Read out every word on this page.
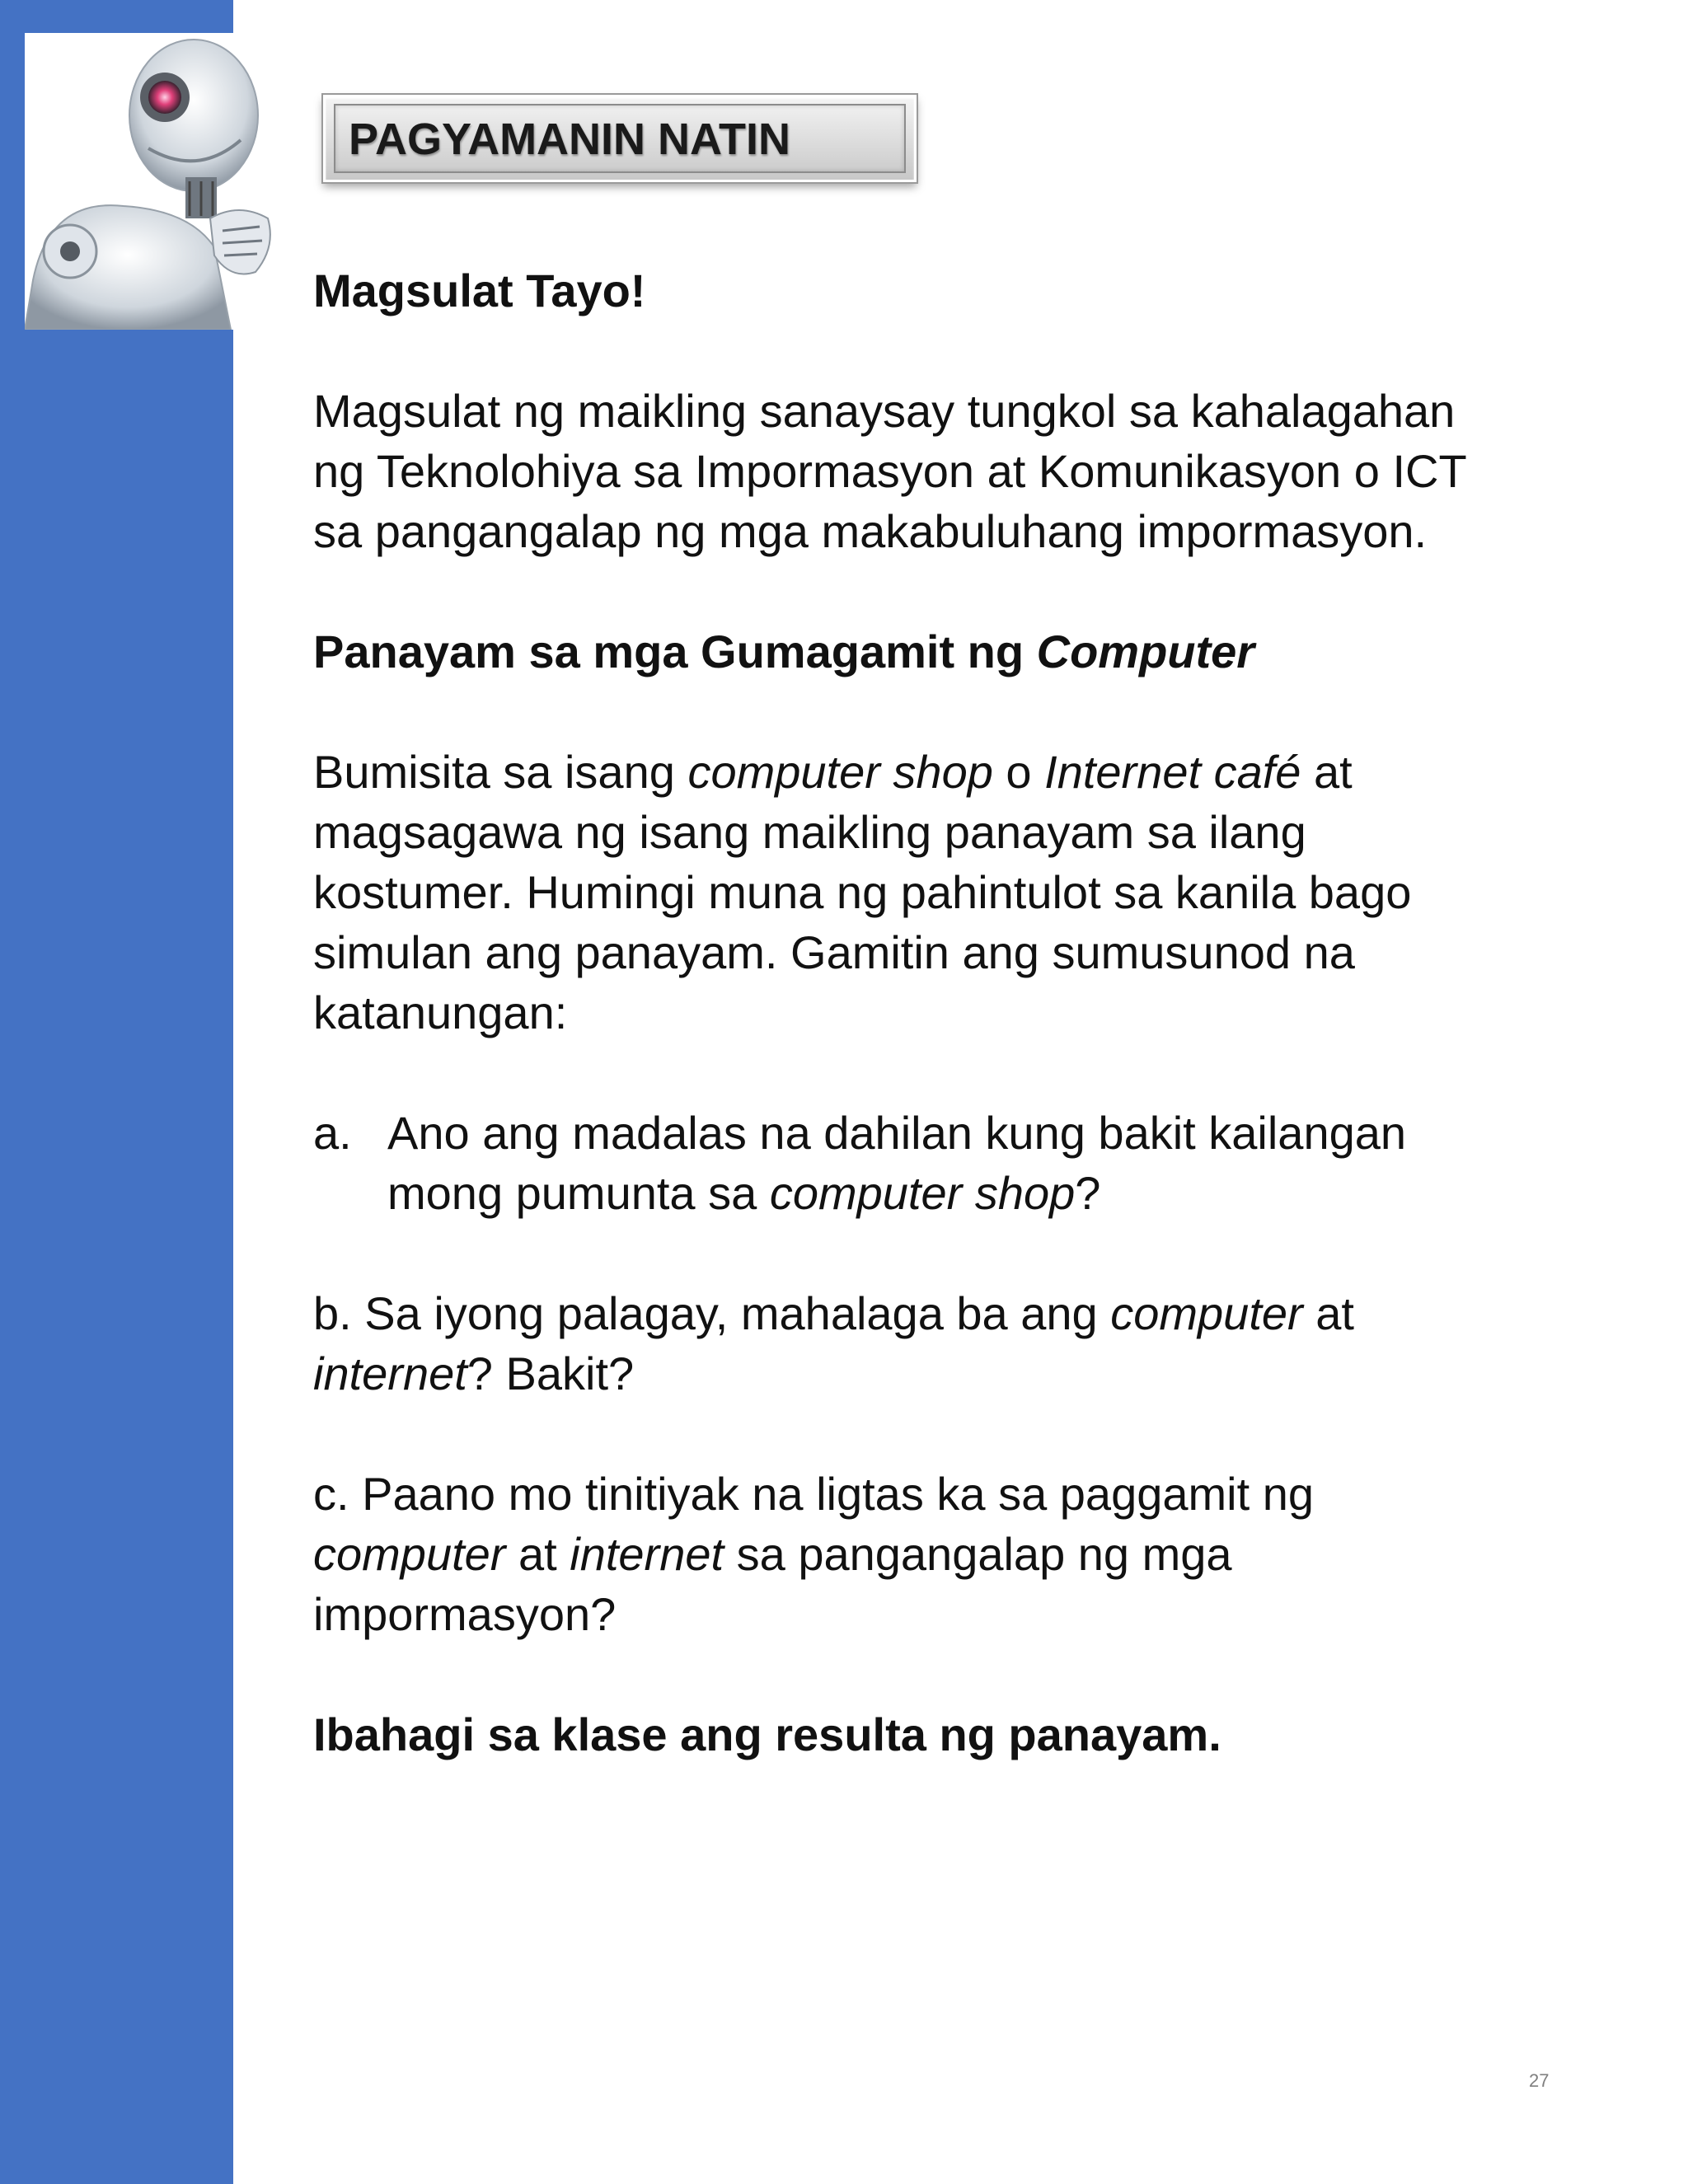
PAGYAMANIN NATIN

Magsulat Tayo!

Magsulat ng maikling sanaysay tungkol sa kahalagahan

ng Teknolohiya sa Impormasyon at Komunikasyon o ICT

sa pangangalap ng mga makabuluhang impormasyon.

Panayam sa mga Gumagamit ng Computer

Bumisita sa isang computer shop o Internet café at

magsagawa ng isang maikling panayam sa ilang

kostumer. Humingi muna ng pahintulot sa kanila bago

simulan ang panayam. Gamitin ang sumusunod na

katanungan:

a. Ano ang madalas na dahilan kung bakit kailangan

mong pumunta sa computer shop?

b. Sa iyong palagay, mahalaga ba ang computer at

internet? Bakit?

c. Paano mo tinitiyak na ligtas ka sa paggamit ng

computer at internet sa pangangalap ng mga

impormasyon?

Ibahagi sa klase ang resulta ng panayam.

27
